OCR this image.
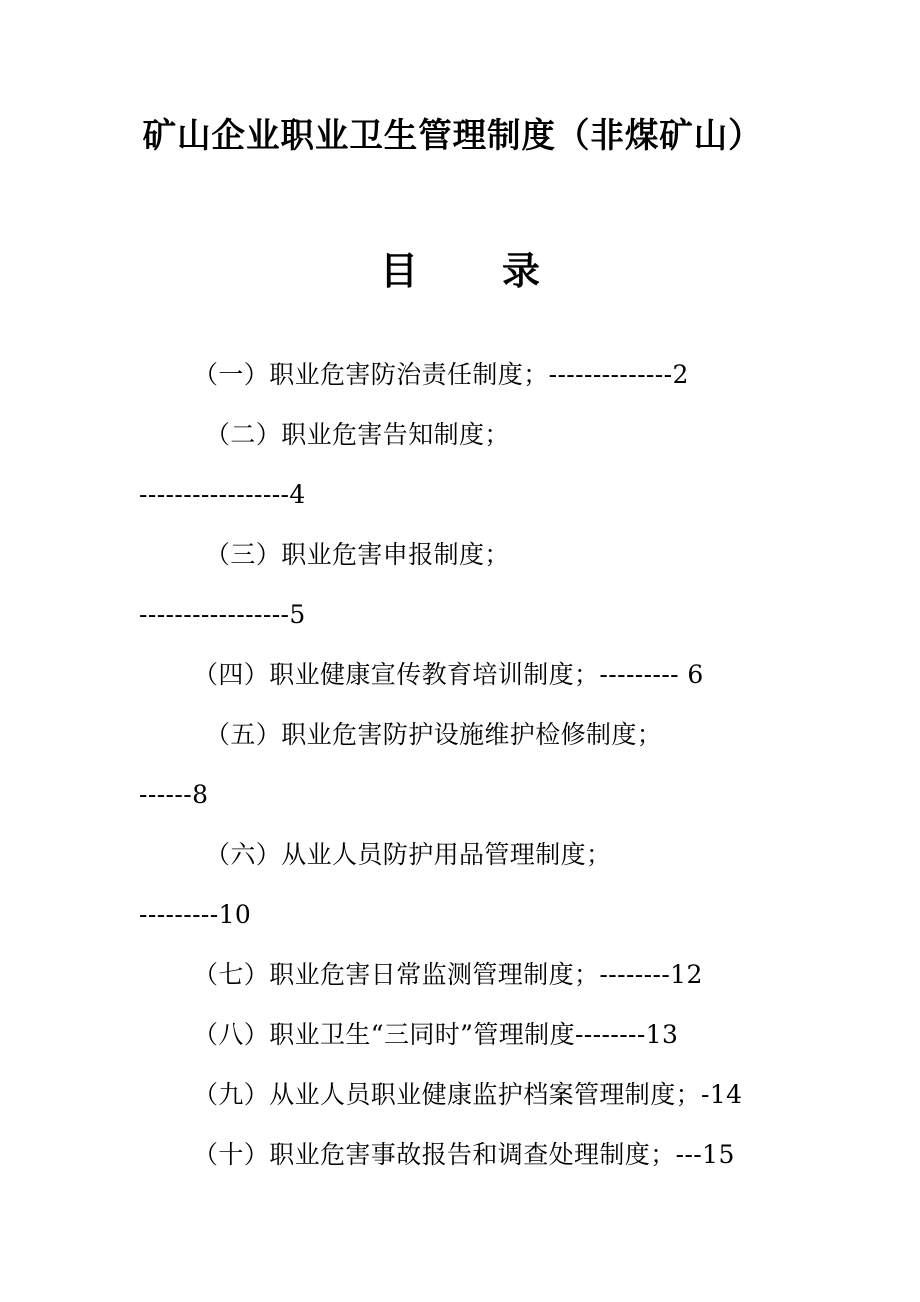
矿山企业职业卫生管理制度（非煤矿山）
目 录
（一）职业危害防治责任制度；--------------2
（二）职业危害告知制度；
-----------------4
（三）职业危害申报制度；
-----------------5
（四）职业健康宣传教育培训制度；--------- 6
（五）职业危害防护设施维护检修制度；
------8
（六）从业人员防护用品管理制度；
---------10
（七）职业危害日常监测管理制度；--------12
（八）职业卫生“三同时”管理制度--------13
（九）从业人员职业健康监护档案管理制度；-14
（十）职业危害事故报告和调查处理制度；---15
